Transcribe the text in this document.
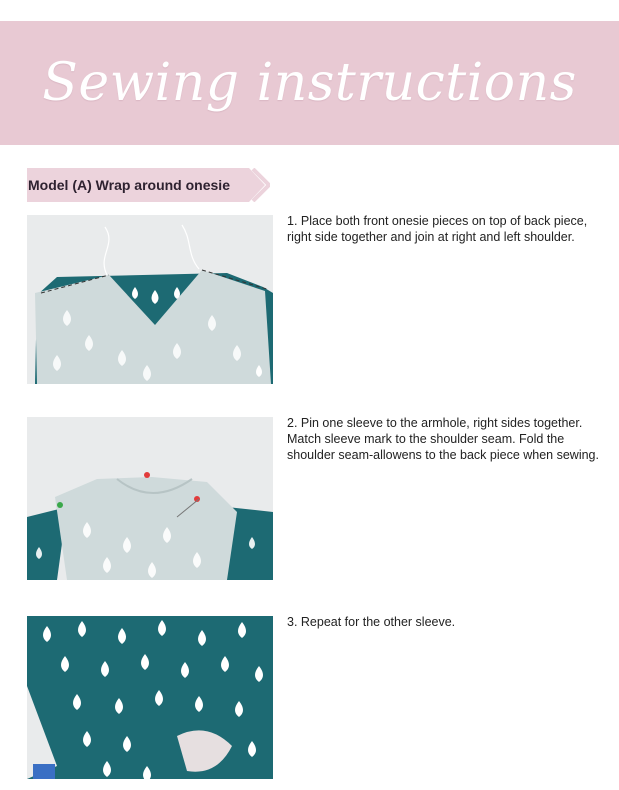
Sewing instructions
Model (A) Wrap around onesie
1. Place both front onesie pieces on top of back piece, right side together and join at right and left shoulder.
2. Pin one sleeve to the armhole, right sides together. Match sleeve mark to the shoulder seam. Fold the shoulder seam-allowens to the back piece when sewing.
3. Repeat for the other sleeve.
